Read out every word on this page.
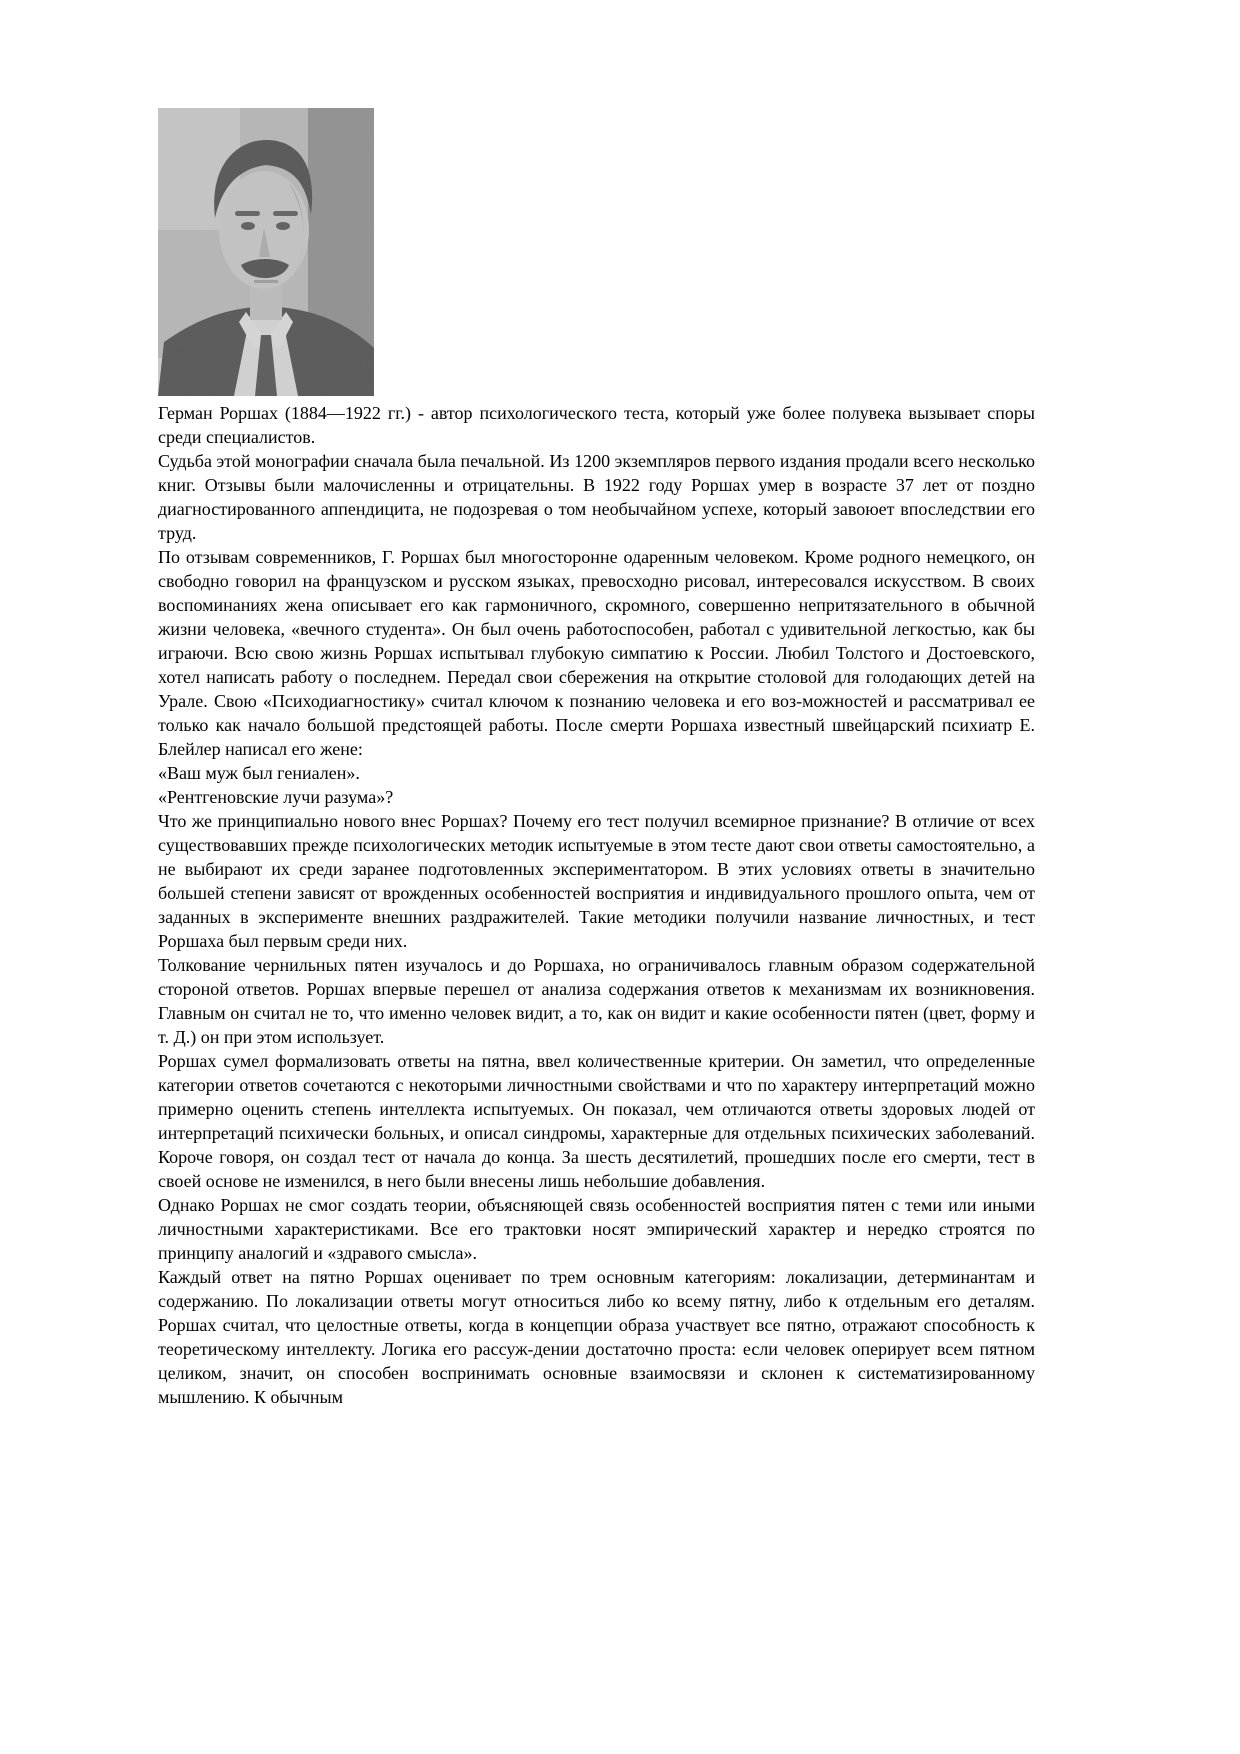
Герман Роршах (1884—1922 гг.) - автор психологического теста, который уже более полувека вызывает споры среди специалистов.

Судьба этой монографии сначала была печальной. Из 1200 экземпляров первого издания продали всего несколько книг. Отзывы были малочисленны и отрицательны. В 1922 году Роршах умер в возрасте 37 лет от поздно диагностированного аппендицита, не подозревая о том необычайном успехе, который завоюет впоследствии его труд.

По отзывам современников, Г. Роршах был многосторонне одаренным человеком. Кроме родного немецкого, он свободно говорил на французском и русском языках, превосходно рисовал, интересовался искусством. В своих воспоминаниях жена описывает его как гармоничного, скромного, совершенно непритязательного в обычной жизни человека, «вечного студента». Он был очень работоспособен, работал с удивительной легкостью, как бы играючи. Всю свою жизнь Роршах испытывал глубокую симпатию к России. Любил Толстого и Достоевского, хотел написать работу о последнем. Передал свои сбережения на открытие столовой для голодающих детей на Урале. Свою «Психодиагностику» считал ключом к познанию человека и его воз-можностей и рассматривал ее только как начало большой предстоящей работы. После смерти Роршаха известный швейцарский психиатр Е. Блейлер написал его жене:

«Ваш муж был гениален».

«Рентгеновские лучи разума»?

Что же принципиально нового внес Роршах? Почему его тест получил всемирное признание? В отличие от всех существовавших прежде психологических методик испытуемые в этом тесте дают свои ответы самостоятельно, а не выбирают их среди заранее подготовленных экспериментатором. В этих условиях ответы в значительно большей степени зависят от врожденных особенностей восприятия и индивидуального прошлого опыта, чем от заданных в эксперименте внешних раздражителей. Такие методики получили название личностных, и тест Роршаха был первым среди них.

Толкование чернильных пятен изучалось и до Роршаха, но ограничивалось главным образом содержательной стороной ответов. Роршах впервые перешел от анализа содержания ответов к механизмам их возникновения. Главным он считал не то, что именно человек видит, а то, как он видит и какие особенности пятен (цвет, форму и т. Д.) он при этом использует.

Роршах сумел формализовать ответы на пятна, ввел количественные критерии. Он заметил, что определенные категории ответов сочетаются с некоторыми личностными свойствами и что по характеру интерпретаций можно примерно оценить степень интеллекта испытуемых. Он показал, чем отличаются ответы здоровых людей от интерпретаций психически больных, и описал синдромы, характерные для отдельных психических заболеваний. Короче говоря, он создал тест от начала до конца. За шесть десятилетий, прошедших после его смерти, тест в своей основе не изменился, в него были внесены лишь небольшие добавления.

Однако Роршах не смог создать теории, объясняющей связь особенностей восприятия пятен с теми или иными личностными характеристиками. Все его трактовки носят эмпирический характер и нередко строятся по принципу аналогий и «здравого смысла».

Каждый ответ на пятно Роршах оценивает по трем основным категориям: локализации, детерминантам и содержанию. По локализации ответы могут относиться либо ко всему пятну, либо к отдельным его деталям. Роршах считал, что целостные ответы, когда в концепции образа участвует все пятно, отражают способность к теоретическому интеллекту. Логика его рассуж-дении достаточно проста: если человек оперирует всем пятном целиком, значит, он способен воспринимать основные взаимосвязи и склонен к систематизированному мышлению. К обычным
